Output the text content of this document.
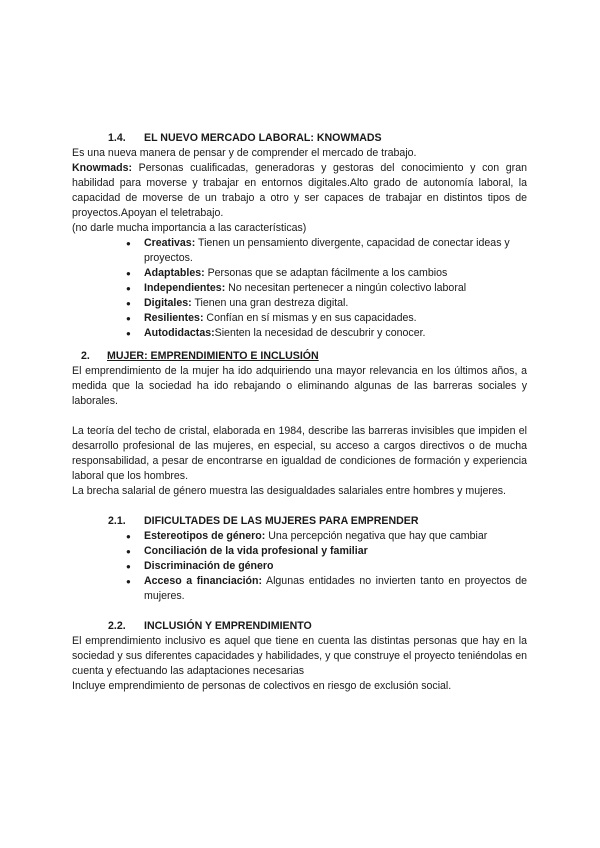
1.4.	EL NUEVO MERCADO LABORAL: KNOWMADS

Es una nueva manera de pensar y de comprender el mercado de trabajo.

Knowmads: Personas cualificadas, generadoras y gestoras del conocimiento y con gran habilidad para moverse y trabajar en entornos digitales.Alto grado de autonomía laboral, la capacidad de moverse de un trabajo a otro y ser capaces de trabajar en distintos tipos de proyectos.Apoyan el teletrabajo.

(no darle mucha importancia a las características)

● Creativas: Tienen un pensamiento divergente, capacidad de conectar ideas y proyectos.
● Adaptables: Personas que se adaptan fácilmente a los cambios
● Independientes: No necesitan pertenecer a ningún colectivo laboral
● Digitales: Tienen una gran destreza digital.
● Resilientes: Confían en sí mismas y en sus capacidades.
● Autodidactas:Sienten la necesidad de descubrir y conocer.

2.	MUJER: EMPRENDIMIENTO E INCLUSIÓN

El emprendimiento de la mujer ha ido adquiriendo una mayor relevancia en los últimos años, a medida que la sociedad ha ido rebajando o eliminando algunas de las barreras sociales y laborales.

La teoría del techo de cristal, elaborada en 1984, describe las barreras invisibles que impiden el desarrollo profesional de las mujeres, en especial, su acceso a cargos directivos o de mucha responsabilidad, a pesar de encontrarse en igualdad de condiciones de formación y experiencia laboral que los hombres.

La brecha salarial de género muestra las desigualdades salariales entre hombres y mujeres.

2.1.	DIFICULTADES DE LAS MUJERES PARA EMPRENDER

● Estereotipos de género: Una percepción negativa que hay que cambiar
● Conciliación de la vida profesional y familiar
● Discriminación de género
● Acceso a financiación: Algunas entidades no invierten tanto en proyectos de mujeres.

2.2.	INCLUSIÓN Y EMPRENDIMIENTO

El emprendimiento inclusivo es aquel que tiene en cuenta las distintas personas que hay en la sociedad y sus diferentes capacidades y habilidades, y que construye el proyecto teniéndolas en cuenta y efectuando las adaptaciones necesarias

Incluye emprendimiento de personas de colectivos en riesgo de exclusión social.
